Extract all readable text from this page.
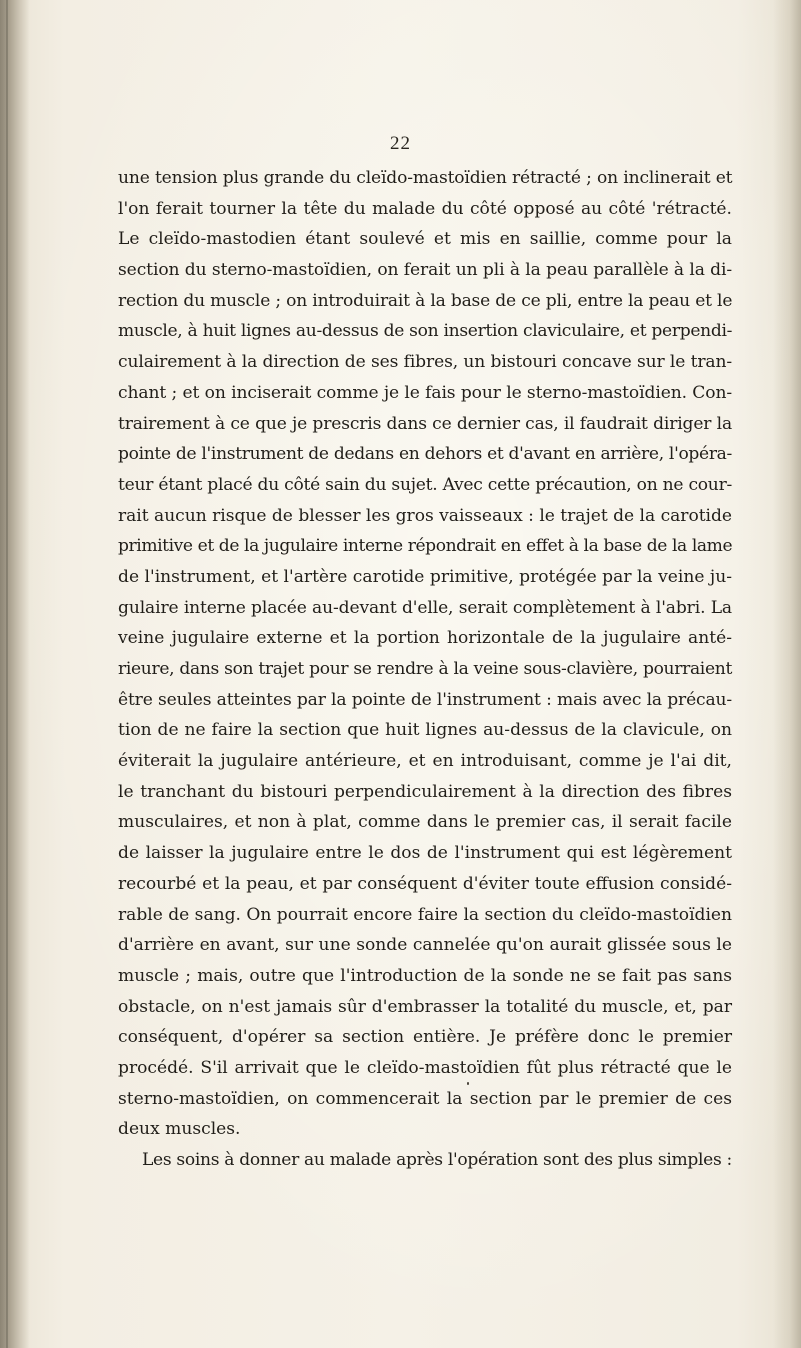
22
une tension plus grande du cleïdo-mastoïdien rétracté ; on inclinerait et
l'on ferait tourner la tête du malade du côté opposé au côté 'rétracté.
Le cleïdo-mastodien étant soulevé et mis en saillie, comme pour la
section du sterno-mastoïdien, on ferait un pli à la peau parallèle à la di-
rection du muscle ; on introduirait à la base de ce pli, entre la peau et le
muscle, à huit lignes au-dessus de son insertion claviculaire, et perpendi-
culairement à la direction de ses fibres, un bistouri concave sur le tran-
chant ; et on inciserait comme je le fais pour le sterno-mastoïdien. Con-
trairement à ce que je prescris dans ce dernier cas, il faudrait diriger la
pointe de l'instrument de dedans en dehors et d'avant en arrière, l'opéra-
teur étant placé du côté sain du sujet. Avec cette précaution, on ne cour-
rait aucun risque de blesser les gros vaisseaux : le trajet de la carotide
primitive et de la jugulaire interne répondrait en effet à la base de la lame
de l'instrument, et l'artère carotide primitive, protégée par la veine ju-
gulaire interne placée au-devant d'elle, serait complètement à l'abri. La
veine jugulaire externe et la portion horizontale de la jugulaire anté-
rieure, dans son trajet pour se rendre à la veine sous-clavière, pourraient
être seules atteintes par la pointe de l'instrument : mais avec la précau-
tion de ne faire la section que huit lignes au-dessus de la clavicule, on
éviterait la jugulaire antérieure, et en introduisant, comme je l'ai dit,
le tranchant du bistouri perpendiculairement à la direction des fibres
musculaires, et non à plat, comme dans le premier cas, il serait facile
de laisser la jugulaire entre le dos de l'instrument qui est légèrement
recourbé et la peau, et par conséquent d'éviter toute effusion considé-
rable de sang. On pourrait encore faire la section du cleïdo-mastoïdien
d'arrière en avant, sur une sonde cannelée qu'on aurait glissée sous le
muscle ; mais, outre que l'introduction de la sonde ne se fait pas sans
obstacle, on n'est jamais sûr d'embrasser la totalité du muscle, et, par
conséquent, d'opérer sa section entière. Je préfère donc le premier
procédé. S'il arrivait que le cleïdo-mastoïdien fût plus rétracté que le
sterno-mastoïdien, on commencerait la section par le premier de ces
deux muscles.
Les soins à donner au malade après l'opération sont des plus simples :
